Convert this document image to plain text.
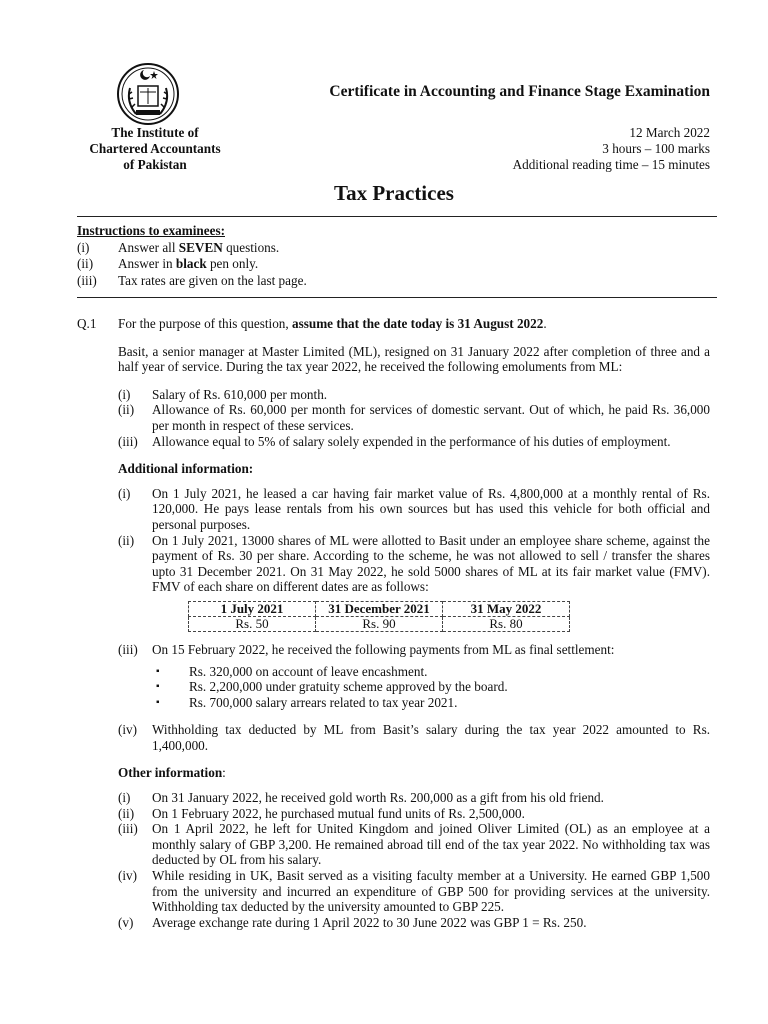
Certificate in Accounting and Finance Stage Examination
The Institute of
Chartered Accountants
of Pakistan
12 March 2022
3 hours – 100 marks
Additional reading time – 15 minutes
Tax Practices
Instructions to examinees:
(i)	Answer all SEVEN questions.
(ii)	Answer in black pen only.
(iii)	Tax rates are given on the last page.
Q.1 For the purpose of this question, assume that the date today is 31 August 2022.
Basit, a senior manager at Master Limited (ML), resigned on 31 January 2022 after completion of three and a half year of service. During the tax year 2022, he received the following emoluments from ML:
(i)	Salary of Rs. 610,000 per month.
(ii)	Allowance of Rs. 60,000 per month for services of domestic servant. Out of which, he paid Rs. 36,000 per month in respect of these services.
(iii)	Allowance equal to 5% of salary solely expended in the performance of his duties of employment.
Additional information:
(i)	On 1 July 2021, he leased a car having fair market value of Rs. 4,800,000 at a monthly rental of Rs. 120,000. He pays lease rentals from his own sources but has used this vehicle for both official and personal purposes.
(ii)	On 1 July 2021, 13000 shares of ML were allotted to Basit under an employee share scheme, against the payment of Rs. 30 per share. According to the scheme, he was not allowed to sell / transfer the shares upto 31 December 2021. On 31 May 2022, he sold 5000 shares of ML at its fair market value (FMV). FMV of each share on different dates are as follows:
1 July 2021	31 December 2021	31 May 2022
Rs. 50	Rs. 90	Rs. 80
(iii)	On 15 February 2022, he received the following payments from ML as final settlement:
▪	Rs. 320,000 on account of leave encashment.
▪	Rs. 2,200,000 under gratuity scheme approved by the board.
▪	Rs. 700,000 salary arrears related to tax year 2021.
(iv)	Withholding tax deducted by ML from Basit’s salary during the tax year 2022 amounted to Rs. 1,400,000.
Other information:
(i)	On 31 January 2022, he received gold worth Rs. 200,000 as a gift from his old friend.
(ii)	On 1 February 2022, he purchased mutual fund units of Rs. 2,500,000.
(iii)	On 1 April 2022, he left for United Kingdom and joined Oliver Limited (OL) as an employee at a monthly salary of GBP 3,200. He remained abroad till end of the tax year 2022. No withholding tax was deducted by OL from his salary.
(iv)	While residing in UK, Basit served as a visiting faculty member at a University. He earned GBP 1,500 from the university and incurred an expenditure of GBP 500 for providing services at the university. Withholding tax deducted by the university amounted to GBP 225.
(v)	Average exchange rate during 1 April 2022 to 30 June 2022 was GBP 1 = Rs. 250.
